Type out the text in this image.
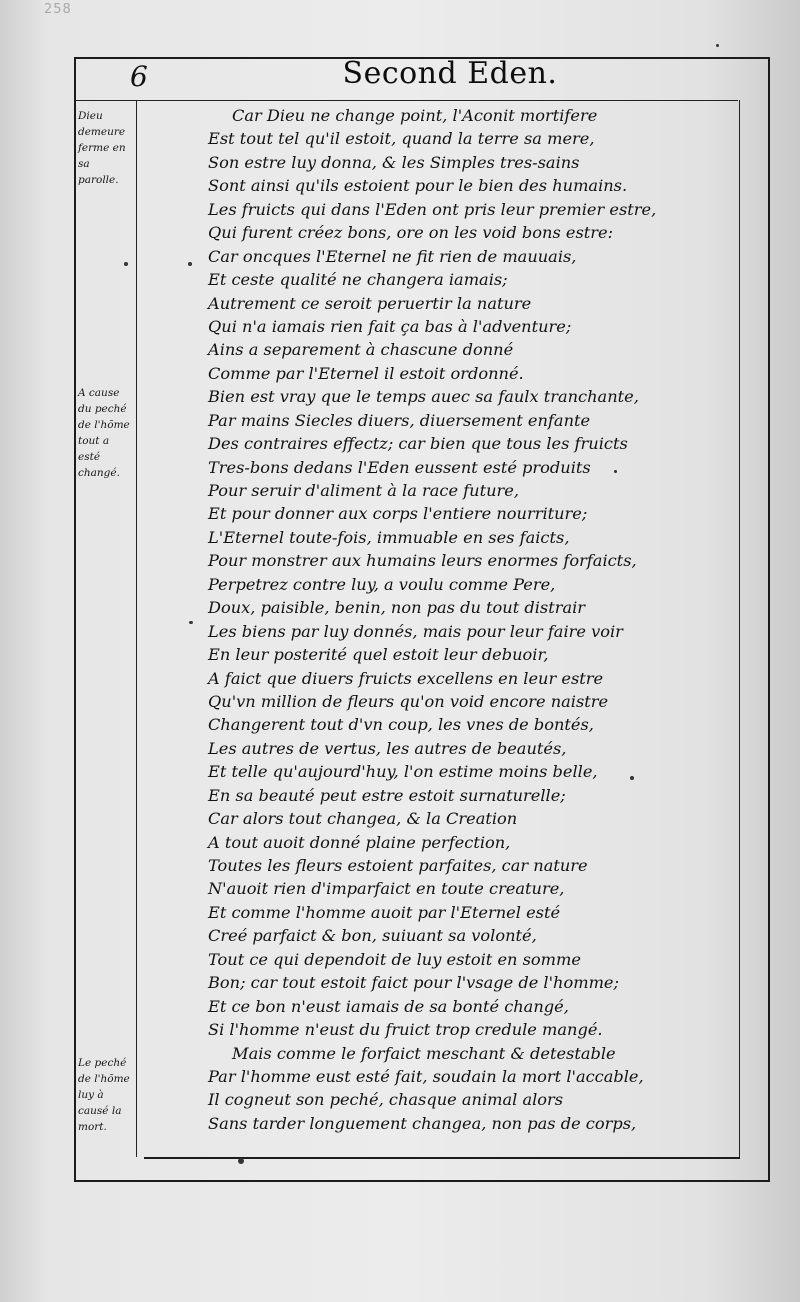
258
6	Second Eden.
Dieu demeure ferme en sa parolle.
A cause du peché de l'hõme tout a esté changé.
Le peché de l'hõme luy à causé la mort.
Car Dieu ne change point, l'Aconit mortifere
Est tout tel qu'il estoit, quand la terre sa mere,
Son estre luy donna, & les Simples tres-sains
Sont ainsi qu'ils estoient pour le bien des humains.
Les fruicts qui dans l'Eden ont pris leur premier estre,
Qui furent créez bons, ore on les void bons estre:
Car oncques l'Eternel ne fit rien de mauuais,
Et ceste qualité ne changera iamais;
Autrement ce seroit peruertir la nature
Qui n'a iamais rien fait ça bas à l'adventure;
Ains a separement à chascune donné
Comme par l'Eternel il estoit ordonné.
Bien est vray que le temps auec sa faulx tranchante,
Par mains Siecles diuers, diuersement enfante
Des contraires effectz; car bien que tous les fruicts
Tres-bons dedans l'Eden eussent esté produits
Pour seruir d'aliment à la race future,
Et pour donner aux corps l'entiere nourriture;
L'Eternel toute-fois, immuable en ses faicts,
Pour monstrer aux humains leurs enormes forfaicts,
Perpetrez contre luy, a voulu comme Pere,
Doux, paisible, benin, non pas du tout distrair
Les biens par luy donnés, mais pour leur faire voir
En leur posterité quel estoit leur debuoir,
A faict que diuers fruicts excellens en leur estre
Qu'vn million de fleurs qu'on void encore naistre
Changerent tout d'vn coup, les vnes de bontés,
Les autres de vertus, les autres de beautés,
Et telle qu'aujourd'huy, l'on estime moins belle,
En sa beauté peut estre estoit surnaturelle;
Car alors tout changea, & la Creation
A tout auoit donné plaine perfection,
Toutes les fleurs estoient parfaites, car nature
N'auoit rien d'imparfaict en toute creature,
Et comme l'homme auoit par l'Eternel esté
Creé parfaict & bon, suiuant sa volonté,
Tout ce qui dependoit de luy estoit en somme
Bon; car tout estoit faict pour l'vsage de l'homme;
Et ce bon n'eust iamais de sa bonté changé,
Si l'homme n'eust du fruict trop credule mangé.
Mais comme le forfaict meschant & detestable
Par l'homme eust esté fait, soudain la mort l'accable,
Il cogneut son peché, chasque animal alors
Sans tarder longuement changea, non pas de corps,
